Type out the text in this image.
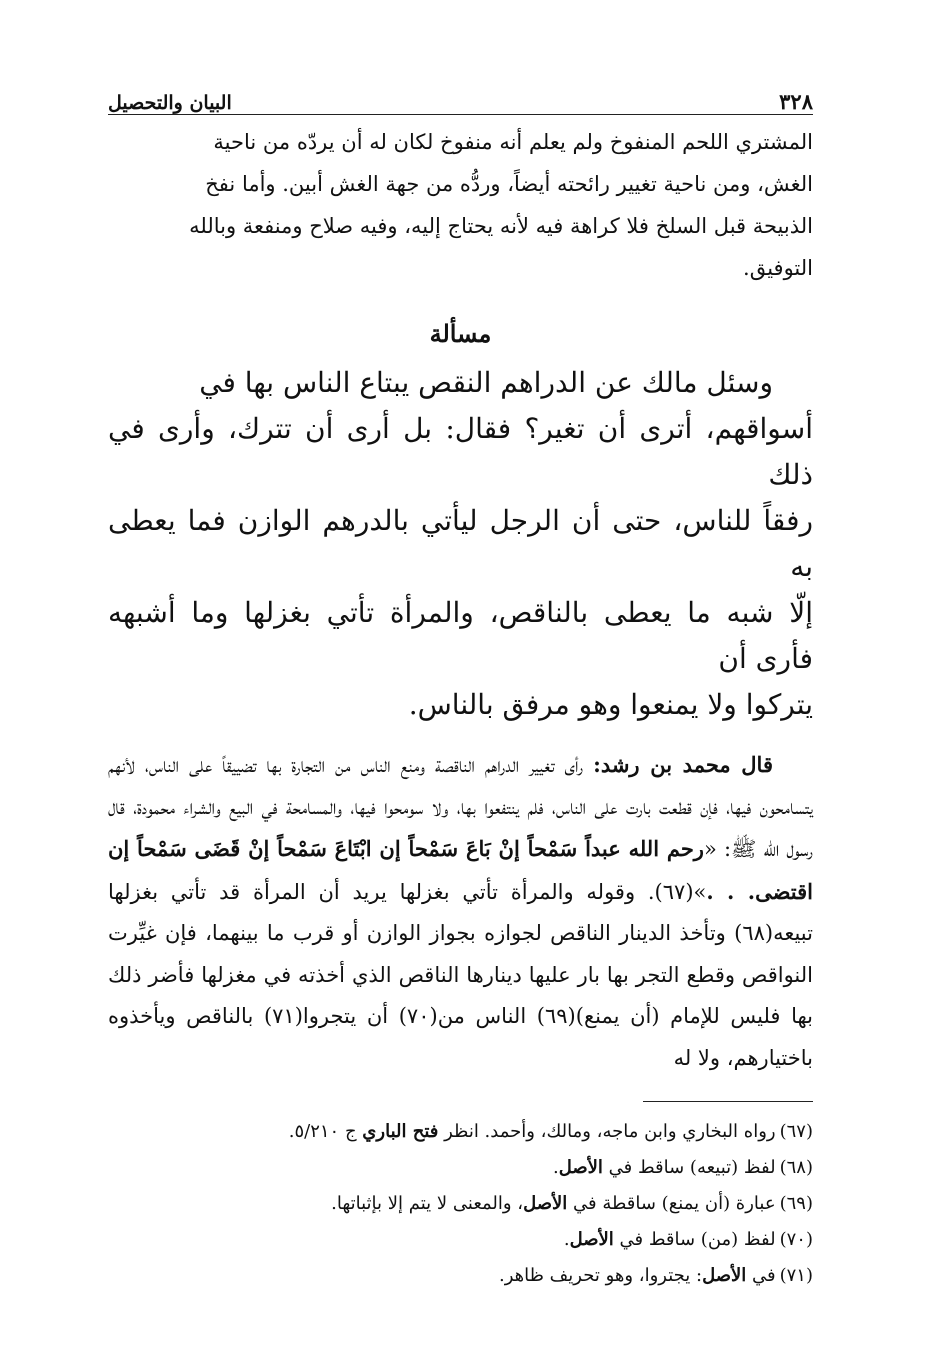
٣٢٨
البيان والتحصيل

المشتري اللحم المنفوخ ولم يعلم أنه منفوخ لكان له أن يردّه من ناحية

الغش، ومن ناحية تغيير رائحته أيضاً، وردُّه من جهة الغش أبين. وأما نفخ

الذبيحة قبل السلخ فلا كراهة فيه لأنه يحتاج إليه، وفيه صلاح ومنفعة وبالله

التوفيق.

مسألة

وسئل مالك عن الدراهم النقص يبتاع الناس بها في

أسواقهم، أترى أن تغير؟ فقال: بل أرى أن تترك، وأرى في ذلك

رفقاً للناس، حتى أن الرجل ليأتي بالدرهم الوازن فما يعطى به

إلّا شبه ما يعطى بالناقص، والمرأة تأتي بغزلها وما أشبهه فأرى أن

يتركوا ولا يمنعوا وهو مرفق بالناس.

قال محمد بن رشد: رأى تغيير الدراهم الناقصة ومنع الناس من التجارة بها تضييقاً على الناس، لأنهم يتسامحون فيها، فإن قطعت بارت على الناس، فلم ينتفعوا بها، ولا سومحوا فيها، والمسامحة في البيع والشراء محمودة، قال رسول الله ﷺ: «رحم الله عبداً سَمْحاً إنْ بَاعَ سَمْحاً إن ابْتَاعَ سَمْحاً إنْ قَضَى سَمْحاً إن اقتضى. . .»(٦٧). وقوله والمرأة تأتي بغزلها يريد أن المرأة قد تأتي بغزلها تبيعه(٦٨) وتأخذ الدينار الناقص لجوازه بجواز الوازن أو قرب ما بينهما، فإن غيِّرت النواقص وقطع التجر بها بار عليها دينارها الناقص الذي أخذته في مغزلها فأضر ذلك بها فليس للإمام (أن يمنع)(٦٩) الناس من(٧٠) أن يتجروا(٧١) بالناقص ويأخذوه باختيارهم، ولا له

(٦٧)رواه البخاري وابن ماجه، ومالك، وأحمد. انظر فتح الباري ج ٥/٢١٠.

(٦٨)لفظ (تبيعه) ساقط في الأصل.

(٦٩)عبارة (أن يمنع) ساقطة في الأصل، والمعنى لا يتم إلا بإثباتها.

(٧٠)لفظ (من) ساقط في الأصل.

(٧١)في الأصل: يجتروا، وهو تحريف ظاهر.
